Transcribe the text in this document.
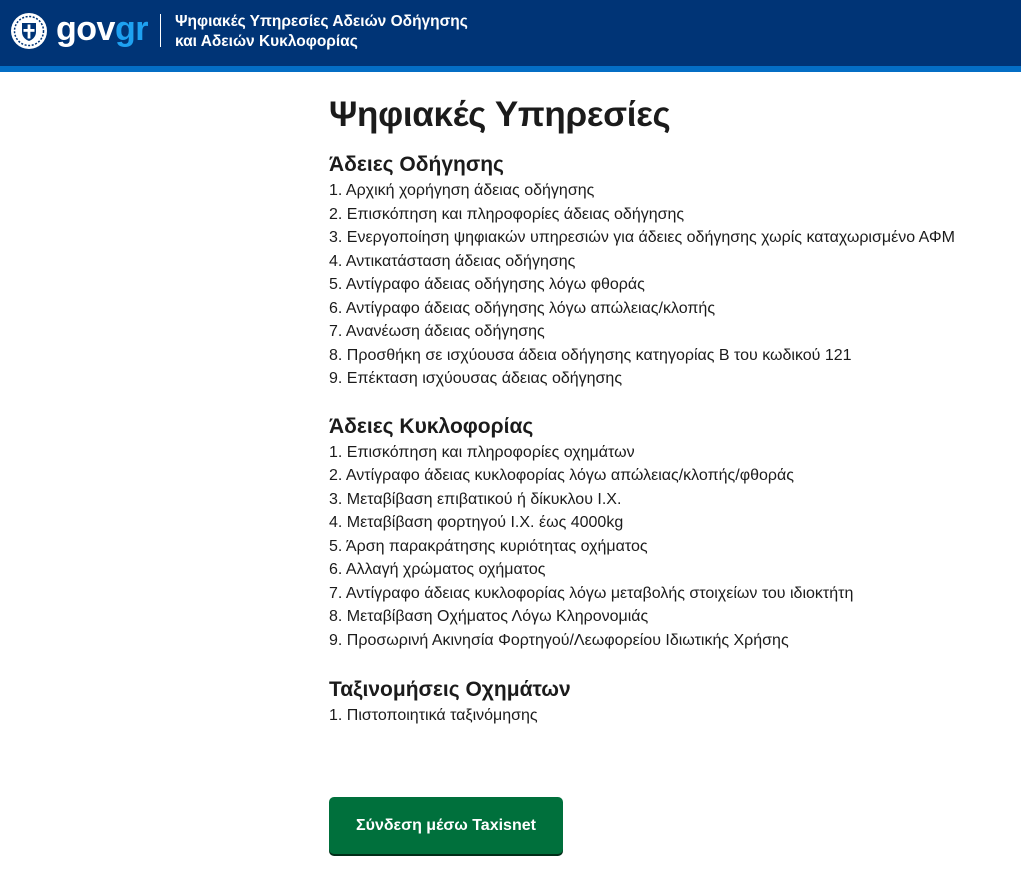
govgr Ψηφιακές Υπηρεσίες Αδειών Οδήγησης
και Αδειών Κυκλοφορίας
Ψηφιακές Υπηρεσίες
Άδειες Οδήγησης
1. Αρχική χορήγηση άδειας οδήγησης
2. Επισκόπηση και πληροφορίες άδειας οδήγησης
3. Ενεργοποίηση ψηφιακών υπηρεσιών για άδειες οδήγησης χωρίς καταχωρισμένο ΑΦΜ
4. Αντικατάσταση άδειας οδήγησης
5. Αντίγραφο άδειας οδήγησης λόγω φθοράς
6. Αντίγραφο άδειας οδήγησης λόγω απώλειας/κλοπής
7. Ανανέωση άδειας οδήγησης
8. Προσθήκη σε ισχύουσα άδεια οδήγησης κατηγορίας B του κωδικού 121
9. Επέκταση ισχύουσας άδειας οδήγησης
Άδειες Κυκλοφορίας
1. Επισκόπηση και πληροφορίες οχημάτων
2. Αντίγραφο άδειας κυκλοφορίας λόγω απώλειας/κλοπής/φθοράς
3. Μεταβίβαση επιβατικού ή δίκυκλου Ι.Χ.
4. Μεταβίβαση φορτηγού Ι.Χ. έως 4000kg
5. Άρση παρακράτησης κυριότητας οχήματος
6. Αλλαγή χρώματος οχήματος
7. Αντίγραφο άδειας κυκλοφορίας λόγω μεταβολής στοιχείων του ιδιοκτήτη
8. Μεταβίβαση Οχήματος Λόγω Κληρονομιάς
9. Προσωρινή Ακινησία Φορτηγού/Λεωφορείου Ιδιωτικής Χρήσης
Ταξινομήσεις Οχημάτων
1. Πιστοποιητικά ταξινόμησης
Σύνδεση μέσω Taxisnet
